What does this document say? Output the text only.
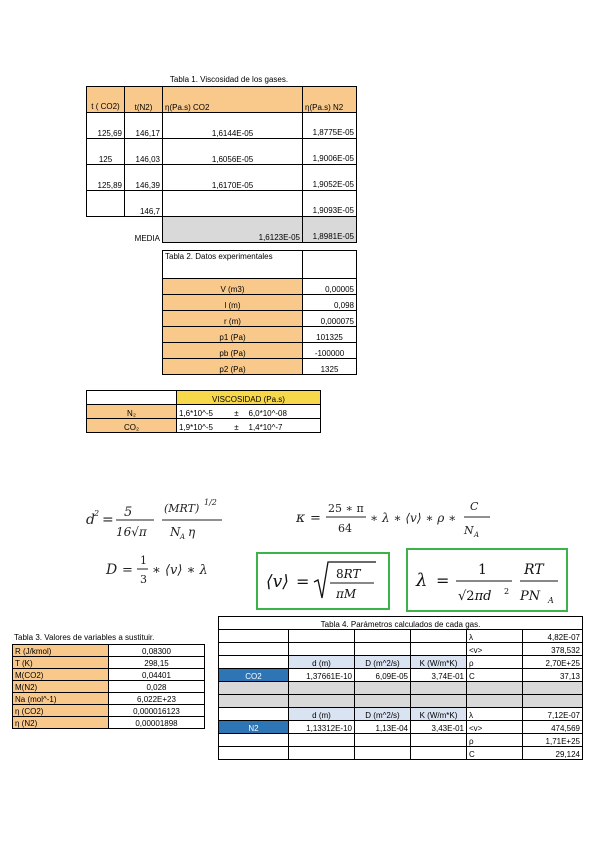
Tabla 1. Viscosidad de los gases.
t ( CO2)	t(N2)	η(Pa.s) CO2	η(Pa.s) N2
125,69	146,17	1,6144E-05	1,8775E-05
125	146,03	1,6056E-05	1,9006E-05
125,89	146,39	1,6170E-05	1,9052E-05
	146,7		1,9093E-05
MEDIA		1,6123E-05	1,8981E-05
Tabla 2. Datos experimentales	
V (m3)	0,00005
l (m)	0,098
r (m)	0,000075
p1 (Pa)	101325
pb (Pa)	-100000
p2 (Pa)	1325
	VISCOSIDAD (Pa.s)		
N₂	1,6*10^-5	±	6,0*10^-08
CO₂	1,9*10^-5	±	1,4*10^-7
d 2 = 5
16√π
(MRT) 1/2
N A η
κ =
25 ∗ π
64
∗ λ ∗ ⟨v⟩ ∗ ρ ∗
C
N A
D =
1
3
∗ ⟨v⟩ ∗ λ
⟨v⟩ = 8RT
πM
λ =
1
√2πd 2
RT
PN A
Tabla 3. Valores de variables a sustituir.
R (J/kmol)	0,08300
T (K)	298,15
M(CO2)	0,04401
M(N2)	0,028
Na (mol^-1)	6,022E+23
η (CO2)	0,000016123
η (N2)	0,00001898
Tabla 4. Parámetros calculados de cada gas.					
				λ	4,82E-07
				<v>	378,532
	d (m)	D (m^2/s)	K (W/m*K)	ρ	2,70E+25
CO2	1,37661E-10	6,09E-05	3,74E-01	C	37,13

	d (m)	D (m^2/s)	K (W/m*K)	λ	7,12E-07
N2	1,13312E-10	1,13E-04	3,43E-01	<v>	474,569
				ρ	1,71E+25
				C	29,124
